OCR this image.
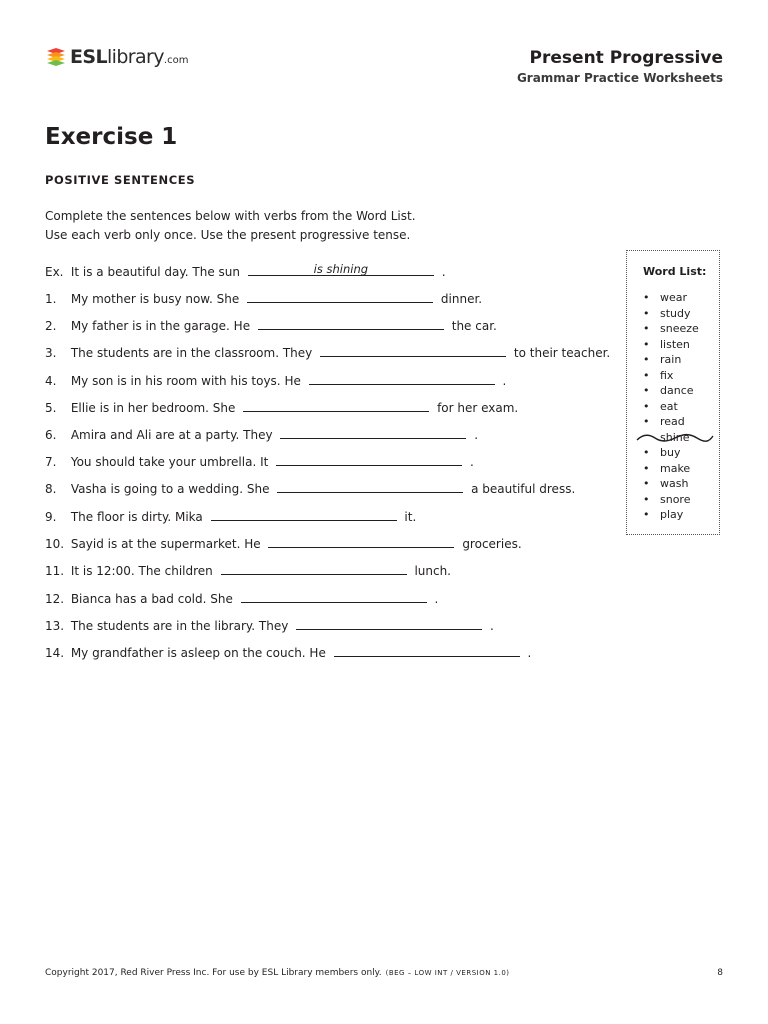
ESLlibrary.com	Present Progressive
Grammar Practice Worksheets
Exercise 1
POSITIVE SENTENCES
Complete the sentences below with verbs from the Word List.
Use each verb only once. Use the present progressive tense.
Ex. It is a beautiful day. The sun	is shining	.
1. My mother is busy now. She	dinner.
2. My father is in the garage. He	the car.
3. The students are in the classroom. They	to their teacher.
4. My son is in his room with his toys. He	.
5. Ellie is in her bedroom. She	for her exam.
6. Amira and Ali are at a party. They	.
7. You should take your umbrella. It	.
8. Vasha is going to a wedding. She	a beautiful dress.
9. The floor is dirty. Mika	it.
10. Sayid is at the supermarket. He	groceries.
11. It is 12:00. The children	lunch.
12. Bianca has a bad cold. She	.
13. The students are in the library. They	.
14. My grandfather is asleep on the couch. He	.
Word List:
• wear
• study
• sneeze
• listen
• rain
• fix
• dance
• eat
• read
shine
• buy
• make
• wash
• snore
• play
Copyright 2017, Red River Press Inc. For use by ESL Library members only. (BEG – LOW INT / VERSION 1.0)	8
